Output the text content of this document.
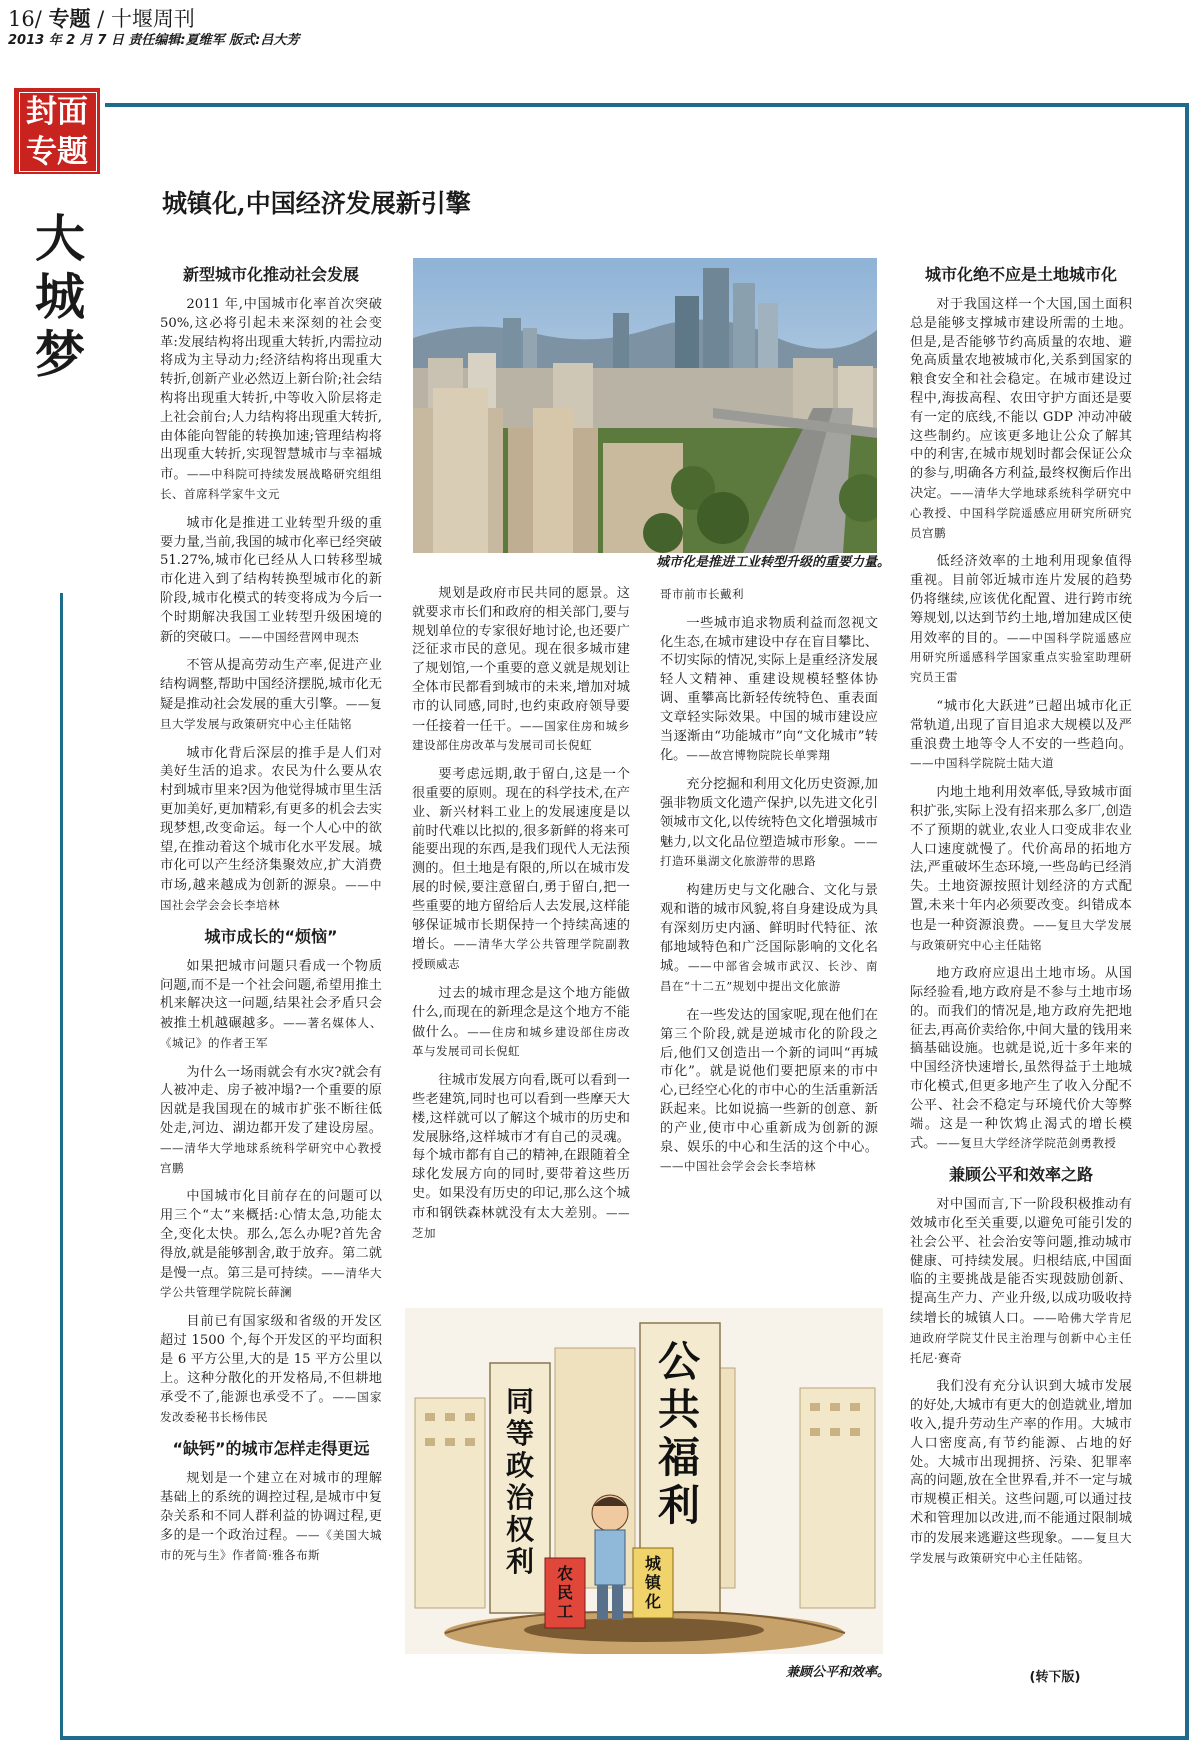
16/ 专题 / 十堰周刊
2013 年 2 月 7 日 责任编辑:夏维军 版式:吕大芳
封面
专题
大
城
梦
城镇化,中国经济发展新引擎
新型城市化推动社会发展

2011 年,中国城市化率首次突破 50%,这必将引起未来深刻的社会变革:发展结构将出现重大转折,内需拉动将成为主导动力;经济结构将出现重大转折,创新产业必然迈上新台阶;社会结构将出现重大转折,中等收入阶层将走上社会前台;人力结构将出现重大转折,由体能向智能的转换加速;管理结构将出现重大转折,实现智慧城市与幸福城市。——中科院可持续发展战略研究组组长、首席科学家牛文元

城市化是推进工业转型升级的重要力量,当前,我国的城市化率已经突破 51.27%,城市化已经从人口转移型城市化进入到了结构转换型城市化的新阶段,城市化模式的转变将成为今后一个时期解决我国工业转型升级困境的新的突破口。——中国经营网申现杰

不管从提高劳动生产率,促进产业结构调整,帮助中国经济摆脱,城市化无疑是推动社会发展的重大引擎。——复旦大学发展与政策研究中心主任陆铭

城市化背后深层的推手是人们对美好生活的追求。农民为什么要从农村到城市里来?因为他觉得城市里生活更加美好,更加精彩,有更多的机会去实现梦想,改变命运。每一个人心中的欲望,在推动着这个城市化水平发展。城市化可以产生经济集聚效应,扩大消费市场,越来越成为创新的源泉。——中国社会学会会长李培林

城市成长的“烦恼”

如果把城市问题只看成一个物质问题,而不是一个社会问题,希望用推土机来解决这一问题,结果社会矛盾只会被推土机越碾越多。——著名媒体人、《城记》的作者王军

为什么一场雨就会有水灾?就会有人被冲走、房子被冲塌?一个重要的原因就是我国现在的城市扩张不断往低处走,河边、湖边都开发了建设房屋。——清华大学地球系统科学研究中心教授宫鹏

中国城市化目前存在的问题可以用三个“太”来概括:心情太急,功能太全,变化太快。那么,怎么办呢?首先舍得放,就是能够割舍,敢于放弃。第二就是慢一点。第三是可持续。——清华大学公共管理学院院长薛澜

目前已有国家级和省级的开发区超过 1500 个,每个开发区的平均面积是 6 平方公里,大的是 15 平方公里以上。这种分散化的开发格局,不但耕地承受不了,能源也承受不了。——国家发改委秘书长杨伟民

“缺钙”的城市怎样走得更远

规划是一个建立在对城市的理解基础上的系统的调控过程,是城市中复杂关系和不同人群利益的协调过程,更多的是一个政治过程。——《美国大城市的死与生》作者简·雅各布斯

城市化是推进工业转型升级的重要力量。

规划是政府市民共同的愿景。这就要求市长们和政府的相关部门,要与规划单位的专家很好地讨论,也还要广泛征求市民的意见。现在很多城市建了规划馆,一个重要的意义就是规划让全体市民都看到城市的未来,增加对城市的认同感,同时,也约束政府领导要一任接着一任干。——国家住房和城乡建设部住房改革与发展司司长倪虹

要考虑远期,敢于留白,这是一个很重要的原则。现在的科学技术,在产业、新兴材料工业上的发展速度是以前时代难以比拟的,很多新鲜的将来可能要出现的东西,是我们现代人无法预测的。但土地是有限的,所以在城市发展的时候,要注意留白,勇于留白,把一些重要的地方留给后人去发展,这样能够保证城市长期保持一个持续高速的增长。——清华大学公共管理学院副教授顾威志

过去的城市理念是这个地方能做什么,而现在的新理念是这个地方不能做什么。——住房和城乡建设部住房改革与发展司司长倪虹

往城市发展方向看,既可以看到一些老建筑,同时也可以看到一些摩天大楼,这样就可以了解这个城市的历史和发展脉络,这样城市才有自己的灵魂。每个城市都有自己的精神,在跟随着全球化发展方向的同时,要带着这些历史。如果没有历史的印记,那么这个城市和钢铁森林就没有太大差别。——芝加

哥市前市长戴利

一些城市追求物质利益而忽视文化生态,在城市建设中存在盲目攀比、不切实际的情况,实际上是重经济发展轻人文精神、重建设规模轻整体协调、重攀高比新轻传统特色、重表面文章轻实际效果。中国的城市建设应当逐渐由“功能城市”向“文化城市”转化。——故宫博物院院长单霁翔

充分挖掘和利用文化历史资源,加强非物质文化遗产保护,以先进文化引领城市文化,以传统特色文化增强城市魅力,以文化品位塑造城市形象。——打造环巢湖文化旅游带的思路

构建历史与文化融合、文化与景观和谐的城市风貌,将自身建设成为具有深刻历史内涵、鲜明时代特征、浓郁地域特色和广泛国际影响的文化名城。——中部省会城市武汉、长沙、南昌在“十二五”规划中提出文化旅游

在一些发达的国家呢,现在他们在第三个阶段,就是逆城市化的阶段之后,他们又创造出一个新的词叫“再城市化”。就是说他们要把原来的市中心,已经空心化的市中心的生活重新活跃起来。比如说搞一些新的创意、新的产业,使市中心重新成为创新的源泉、娱乐的中心和生活的这个中心。——中国社会学会会长李培林

城市化绝不应是土地城市化

对于我国这样一个大国,国土面积总是能够支撑城市建设所需的土地。但是,是否能够节约高质量的农地、避免高质量农地被城市化,关系到国家的粮食安全和社会稳定。在城市建设过程中,海拔高程、农田守护方面还是要有一定的底线,不能以 GDP 冲动冲破这些制约。应该更多地让公众了解其中的利害,在城市规划时都会保证公众的参与,明确各方利益,最终权衡后作出决定。——清华大学地球系统科学研究中心教授、中国科学院遥感应用研究所研究员宫鹏

低经济效率的土地利用现象值得重视。目前邻近城市连片发展的趋势仍将继续,应该优化配置、进行跨市统筹规划,以达到节约土地,增加建成区使用效率的目的。——中国科学院遥感应用研究所遥感科学国家重点实验室助理研究员王雷

“城市化大跃进”已超出城市化正常轨道,出现了盲目追求大规模以及严重浪费土地等令人不安的一些趋向。——中国科学院院士陆大道

内地土地利用效率低,导致城市面积扩张,实际上没有招来那么多厂,创造不了预期的就业,农业人口变成非农业人口速度就慢了。代价高昂的拓地方法,严重破坏生态环境,一些岛屿已经消失。土地资源按照计划经济的方式配置,未来十年内必须要改变。纠错成本也是一种资源浪费。——复旦大学发展与政策研究中心主任陆铭

地方政府应退出土地市场。从国际经验看,地方政府是不参与土地市场的。而我们的情况是,地方政府先把地征去,再高价卖给你,中间大量的钱用来搞基础设施。也就是说,近十多年来的中国经济快速增长,虽然得益于土地城市化模式,但更多地产生了收入分配不公平、社会不稳定与环境代价大等弊端。这是一种饮鸩止渴式的增长模式。——复旦大学经济学院范剑勇教授

兼顾公平和效率之路

对中国而言,下一阶段积极推动有效城市化至关重要,以避免可能引发的社会公平、社会治安等问题,推动城市健康、可持续发展。归根结底,中国面临的主要挑战是能否实现鼓励创新、提高生产力、产业升级,以成功吸收持续增长的城镇人口。——哈佛大学肯尼迪政府学院艾什民主治理与创新中心主任托尼·赛奇

我们没有充分认识到大城市发展的好处,大城市有更大的创造就业,增加收入,提升劳动生产率的作用。大城市人口密度高,有节约能源、占地的好处。大城市出现拥挤、污染、犯罪率高的问题,放在全世界看,并不一定与城市规模正相关。这些问题,可以通过技术和管理加以改进,而不能通过限制城市的发展来逃避这些现象。——复旦大学发展与政策研究中心主任陆铭。

同等政治权利
公共福利
农民工
城镇化
兼顾公平和效率。	(转下版)
